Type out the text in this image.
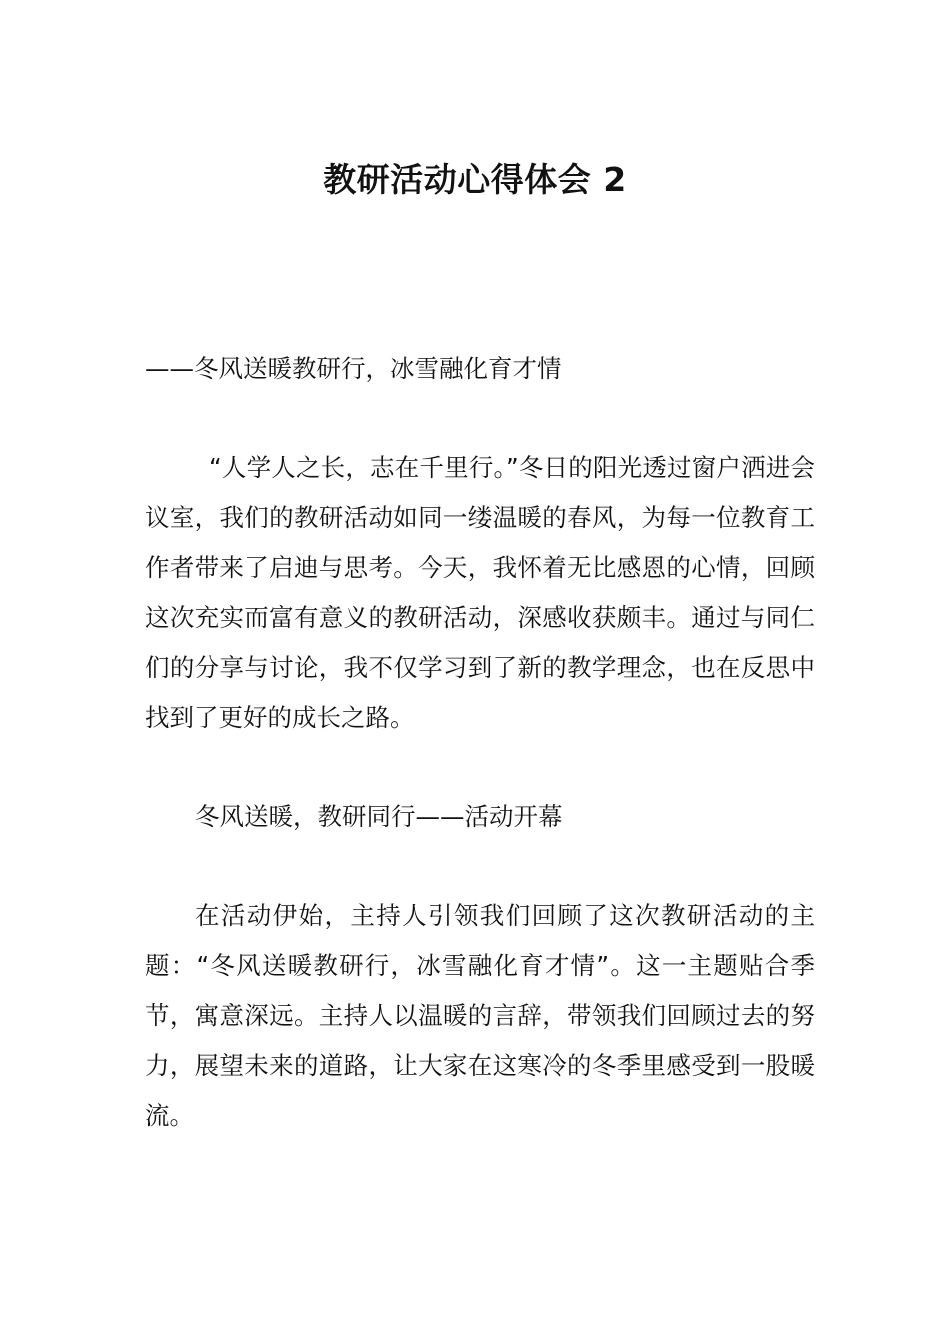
教研活动心得体会 2

——冬风送暖教研行，冰雪融化育才情

“人学人之长，志在千里行。”冬日的阳光透过窗户洒进会议室，我们的教研活动如同一缕温暖的春风，为每一位教育工作者带来了启迪与思考。今天，我怀着无比感恩的心情，回顾这次充实而富有意义的教研活动，深感收获颇丰。通过与同仁们的分享与讨论，我不仅学习到了新的教学理念，也在反思中找到了更好的成长之路。

冬风送暖，教研同行——活动开幕

在活动伊始，主持人引领我们回顾了这次教研活动的主题：“冬风送暖教研行，冰雪融化育才情”。这一主题贴合季节，寓意深远。主持人以温暖的言辞，带领我们回顾过去的努力，展望未来的道路，让大家在这寒冷的冬季里感受到一股暖流。
